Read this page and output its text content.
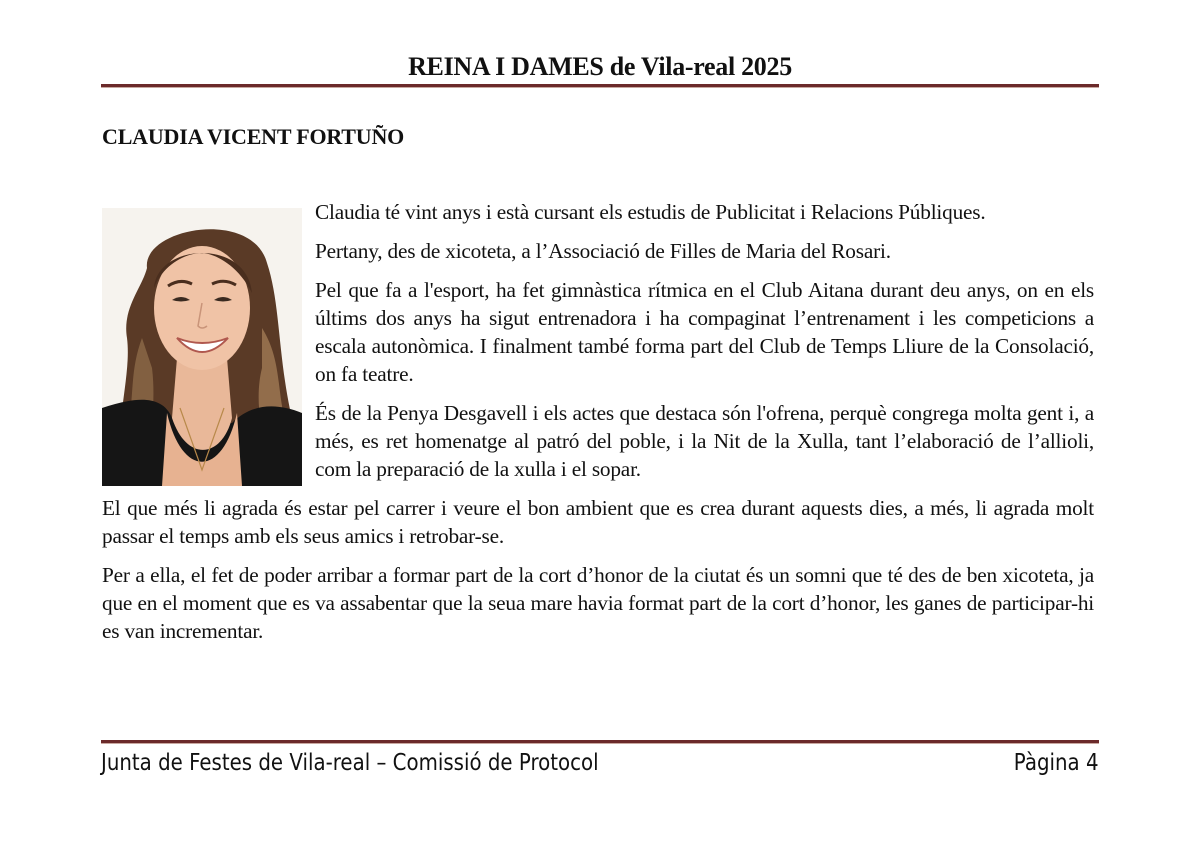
REINA I DAMES de Vila-real 2025
CLAUDIA VICENT FORTUÑO

Claudia té vint anys i està cursant els estudis de Publicitat i Relacions Públiques.

Pertany, des de xicoteta, a l’Associació de Filles de Maria del Rosari.

Pel que fa a l'esport, ha fet gimnàstica rítmica en el Club Aitana durant deu anys, on en els últims dos anys ha sigut entrenadora i ha compaginat l’entrenament i les competicions a escala autonòmica. I finalment també forma part del Club de Temps Lliure de la Consolació, on fa teatre.

És de la Penya Desgavell i els actes que destaca són l'ofrena, perquè congrega molta gent i, a més, es ret homenatge al patró del poble, i la Nit de la Xulla, tant l’elaboració de l’allioli, com la preparació de la xulla i el sopar.

El que més li agrada és estar pel carrer i veure el bon ambient que es crea durant aquests dies, a més, li agrada molt passar el temps amb els seus amics i retrobar-se.

Per a ella, el fet de poder arribar a formar part de la cort d’honor de la ciutat és un somni que té des de ben xicoteta, ja que en el moment que es va assabentar que la seua mare havia format part de la cort d’honor, les ganes de participar-hi es van incrementar.

Junta de Festes de Vila-real – Comissió de Protocol	Pàgina 4
